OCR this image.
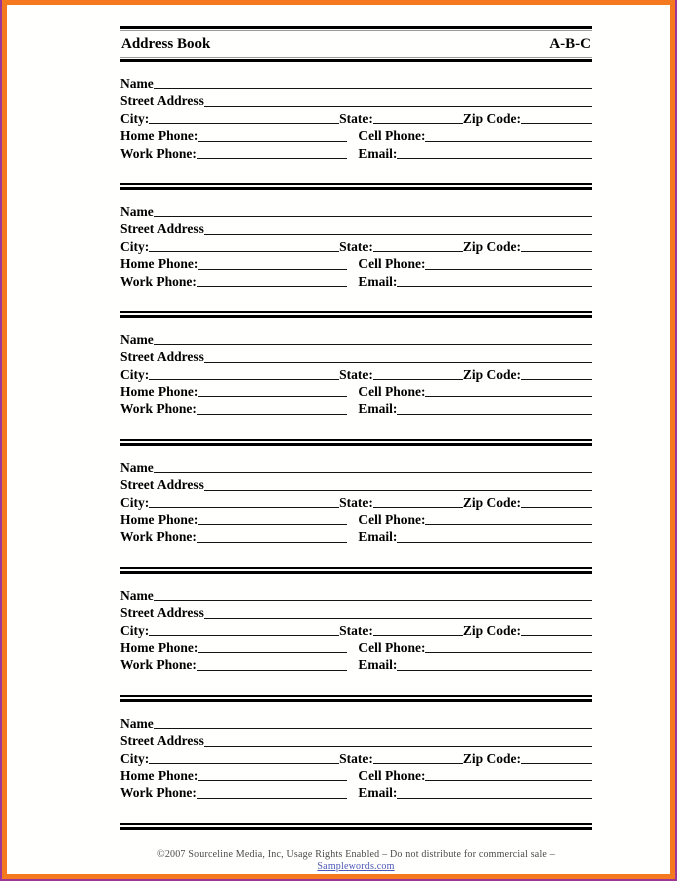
Address Book	A-B-C
Name
Street Address
City:	State:	Zip Code:
Home Phone:	Cell Phone:
Work Phone:	Email:
Name
Street Address
City:	State:	Zip Code:
Home Phone:	Cell Phone:
Work Phone:	Email:
Name
Street Address
City:	State:	Zip Code:
Home Phone:	Cell Phone:
Work Phone:	Email:
Name
Street Address
City:	State:	Zip Code:
Home Phone:	Cell Phone:
Work Phone:	Email:
Name
Street Address
City:	State:	Zip Code:
Home Phone:	Cell Phone:
Work Phone:	Email:
Name
Street Address
City:	State:	Zip Code:
Home Phone:	Cell Phone:
Work Phone:	Email:
©2007 Sourceline Media, Inc, Usage Rights Enabled – Do not distribute for commercial sale – Samplewords.com
